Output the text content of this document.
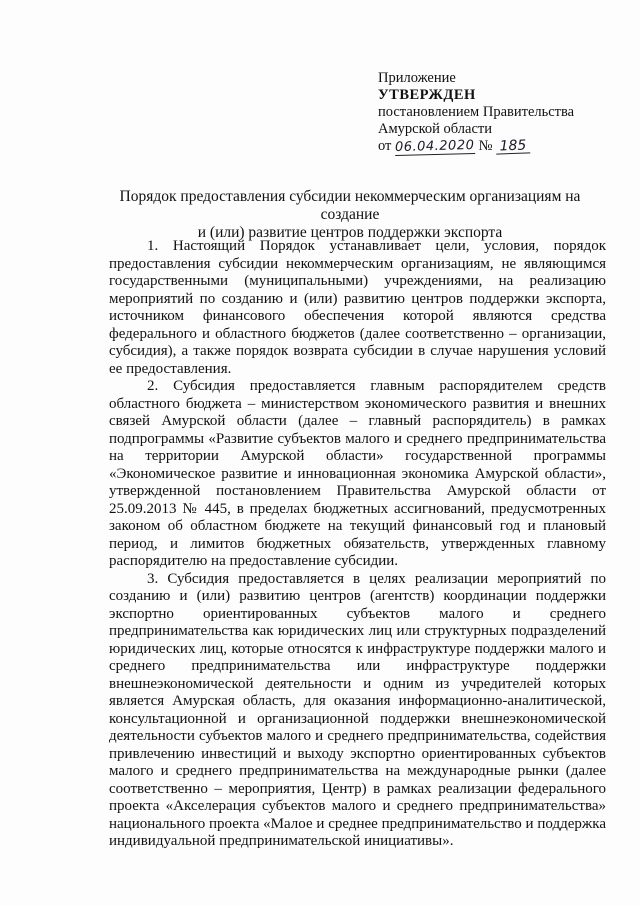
Приложение
УТВЕРЖДЕН
постановлением Правительства
Амурской области
от 06.04.2020 № 185
Порядок предоставления субсидии некоммерческим организациям на создание
и (или) развитие центров поддержки экспорта

1. Настоящий Порядок устанавливает цели, условия, порядок предоставления субсидии некоммерческим организациям, не являющимся государственными (муниципальными) учреждениями, на реализацию мероприятий по созданию и (или) развитию центров поддержки экспорта, источником финансового обеспечения которой являются средства федерального и областного бюджетов (далее соответственно – организации, субсидия), а также порядок возврата субсидии в случае нарушения условий ее предоставления.

2. Субсидия предоставляется главным распорядителем средств областного бюджета – министерством экономического развития и внешних связей Амурской области (далее – главный распорядитель) в рамках подпрограммы «Развитие субъектов малого и среднего предпринимательства на территории Амурской области» государственной программы «Экономическое развитие и инновационная экономика Амурской области», утвержденной постановлением Правительства Амурской области от 25.09.2013 № 445, в пределах бюджетных ассигнований, предусмотренных законом об областном бюджете на текущий финансовый год и плановый период, и лимитов бюджетных обязательств, утвержденных главному распорядителю на предоставление субсидии.

3. Субсидия предоставляется в целях реализации мероприятий по созданию и (или) развитию центров (агентств) координации поддержки экспортно ориентированных субъектов малого и среднего предпринимательства как юридических лиц или структурных подразделений юридических лиц, которые относятся к инфраструктуре поддержки малого и среднего предпринимательства или инфраструктуре поддержки внешнеэкономической деятельности и одним из учредителей которых является Амурская область, для оказания информационно-аналитической, консультационной и организационной поддержки внешнеэкономической деятельности субъектов малого и среднего предпринимательства, содействия привлечению инвестиций и выходу экспортно ориентированных субъектов малого и среднего предпринимательства на международные рынки (далее соответственно – мероприятия, Центр) в рамках реализации федерального проекта «Акселерация субъектов малого и среднего предпринимательства» национального проекта «Малое и среднее предпринимательство и поддержка индивидуальной предпринимательской инициативы».
